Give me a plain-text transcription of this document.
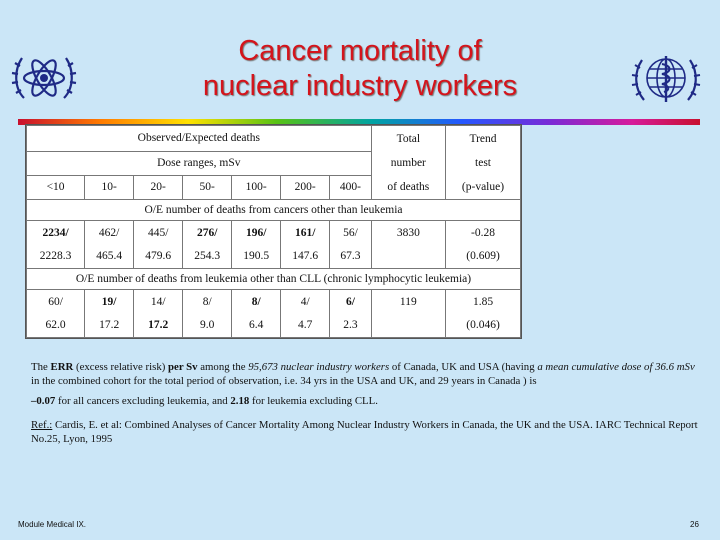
Cancer mortality of
nuclear industry workers
Observed/Expected deaths							Total	Trend
Dose ranges, mSv							number	test
<10	10-	20-	50-	100-	200-	400-	of deaths	(p-value)
O/E number of deaths from cancers other than leukemia								
2234/	462/	445/	276/	196/	161/	56/	3830	-0.28
2228.3	465.4	479.6	254.3	190.5	147.6	67.3		(0.609)
O/E number of deaths from leukemia other than CLL (chronic lymphocytic leukemia)								
60/	19/	14/	8/	8/	4/	6/	119	1.85
62.0	17.2	17.2	9.0	6.4	4.7	2.3		(0.046)

The ERR (excess relative risk) per Sv among the 95,673 nuclear industry workers of Canada, UK and USA (having a mean cumulative dose of 36.6 mSv in the combined cohort for the total period of observation, i.e. 34 yrs in the USA and UK, and 29 years in Canada ) is

–0.07 for all cancers excluding leukemia, and 2.18 for leukemia excluding CLL.

Ref.: Cardis, E. et al: Combined Analyses of Cancer Mortality Among Nuclear Industry Workers in Canada, the UK and the USA. IARC Technical Report No.25, Lyon, 1995

Module Medical IX.	26
